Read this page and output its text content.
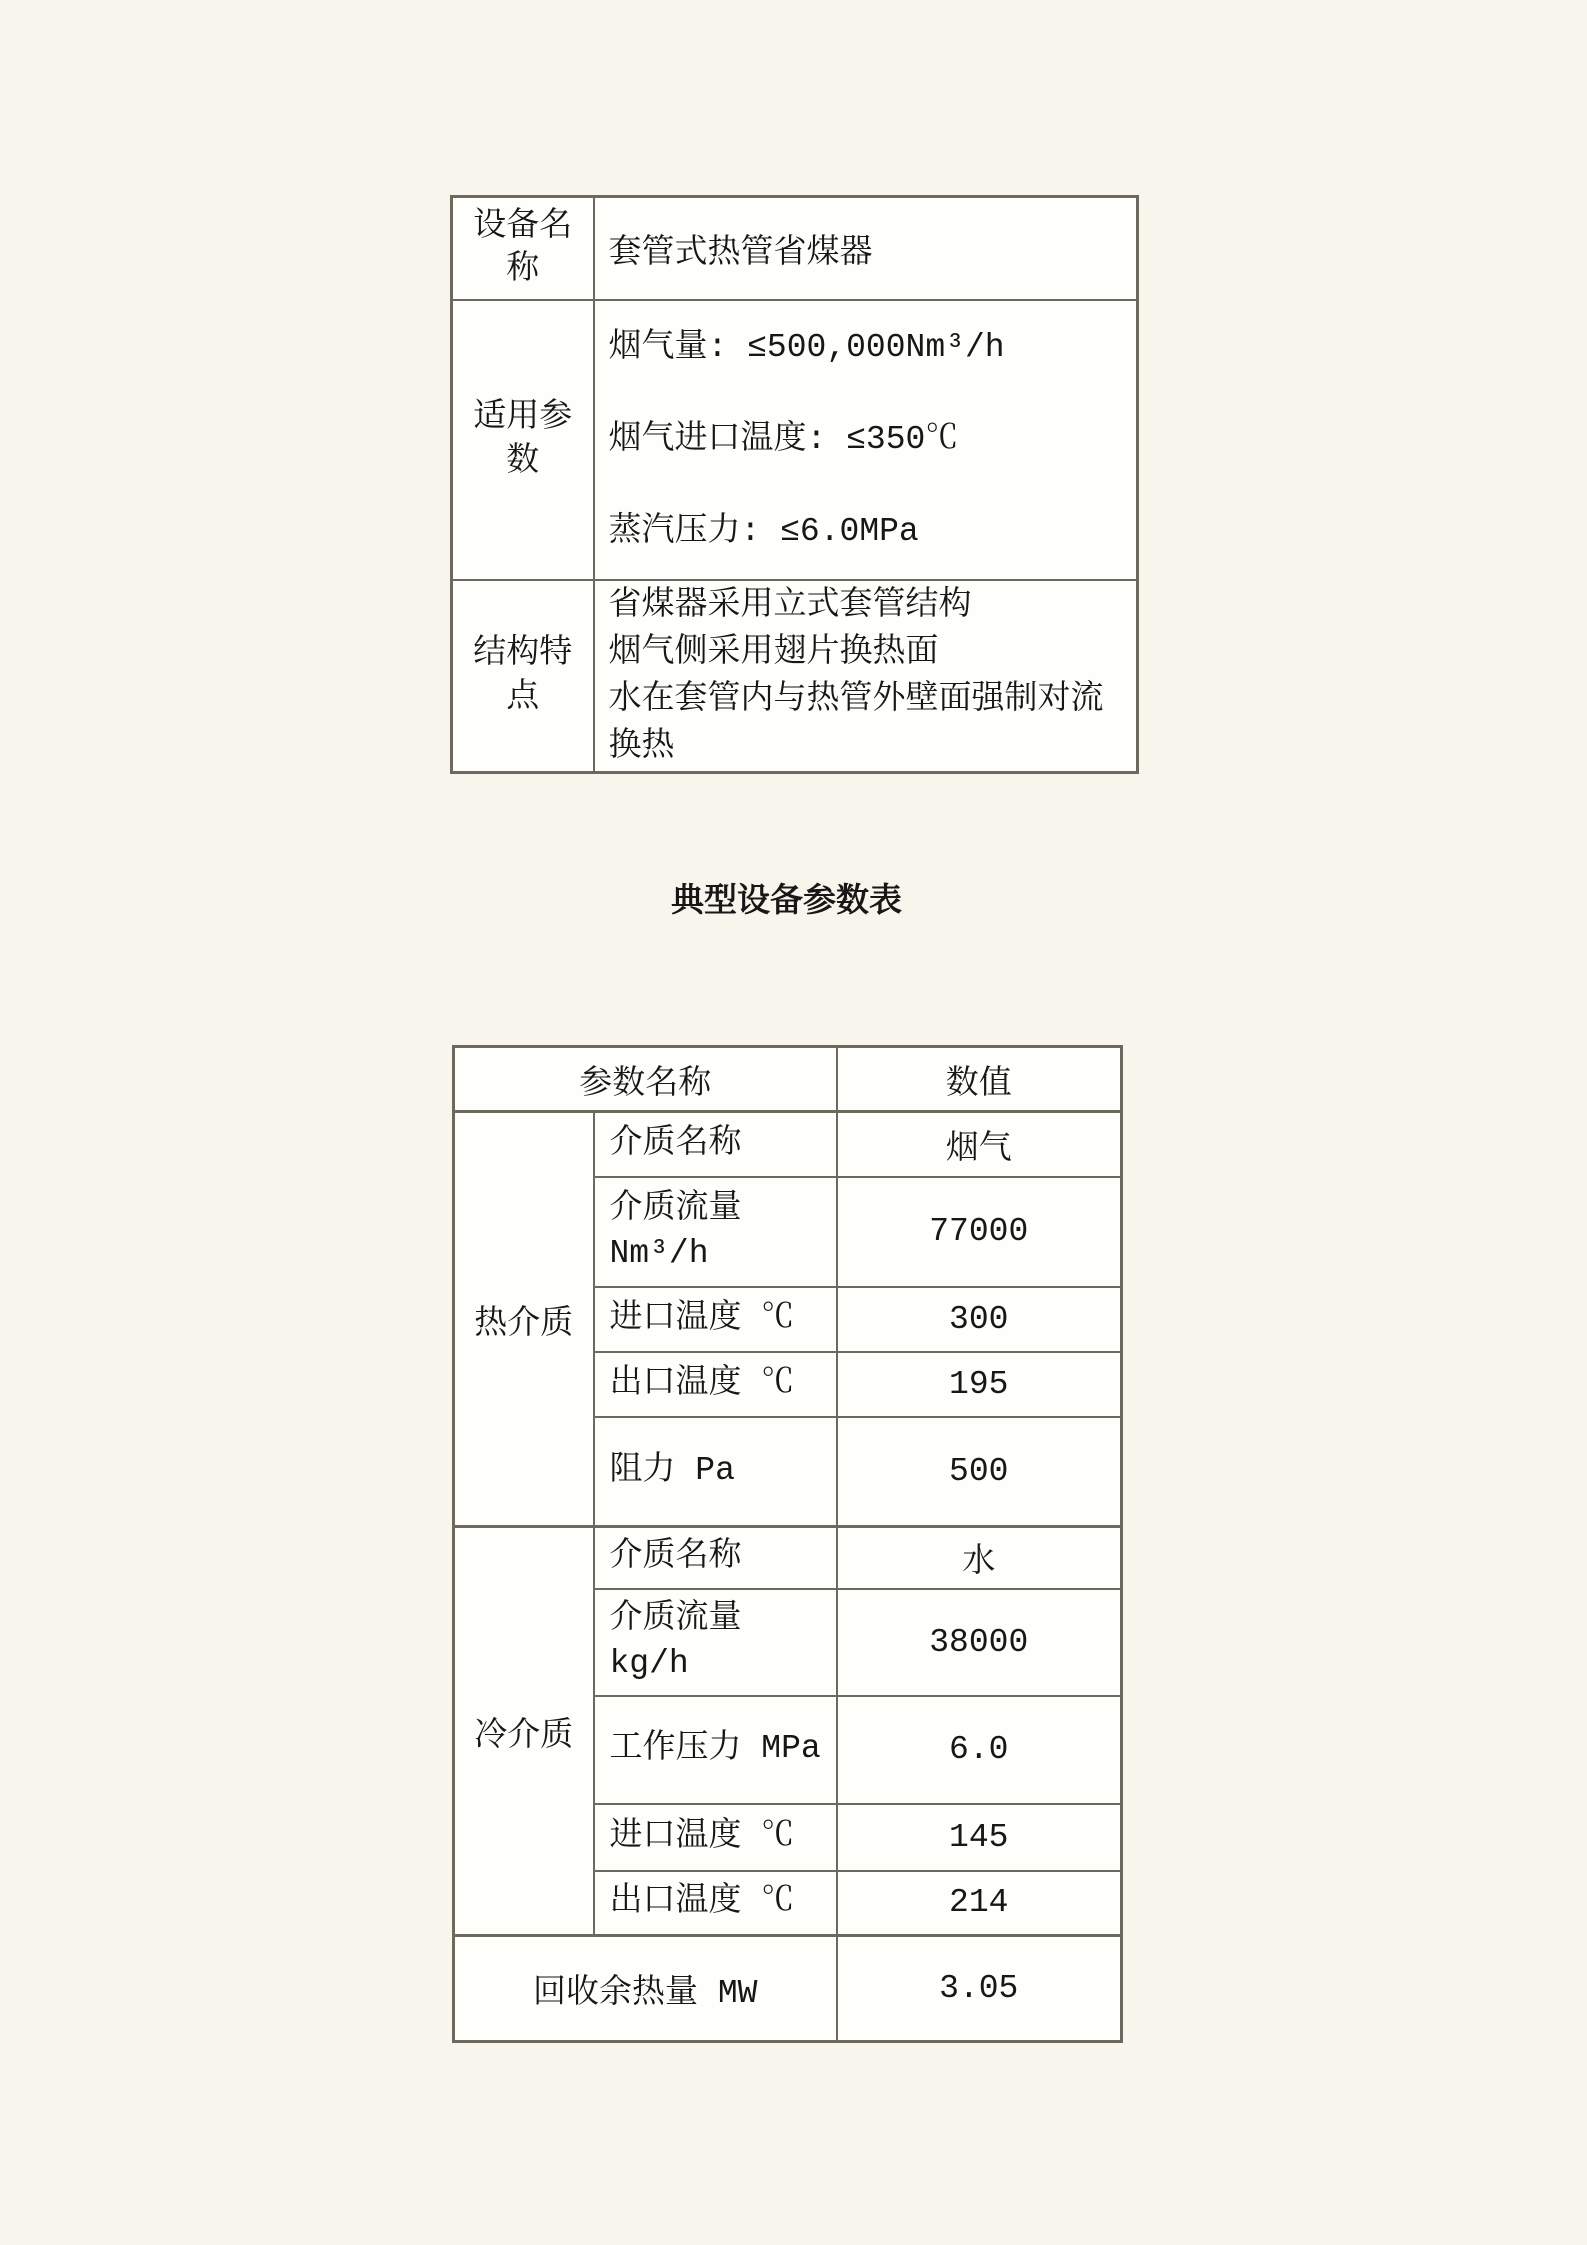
设备名称	套管式热管省煤器
适用参数	烟气量: ≤500,000Nm³/h

烟气进口温度: ≤350℃

蒸汽压力: ≤6.0MPa

结构特点	省煤器采用立式套管结构

烟气侧采用翅片换热面

水在套管内与热管外壁面强制对流换热

典型设备参数表
参数名称		数值
热介质	介质名称	烟气

	介质流量
Nm³/h	77000
	进口温度 ℃	300
	出口温度 ℃	195
	阻力 Pa	500
冷介质	介质名称	水

	介质流量
kg/h	38000
	工作压力 MPa	6.0
	进口温度 ℃	145
	出口温度 ℃	214
回收余热量 MW		3.05
